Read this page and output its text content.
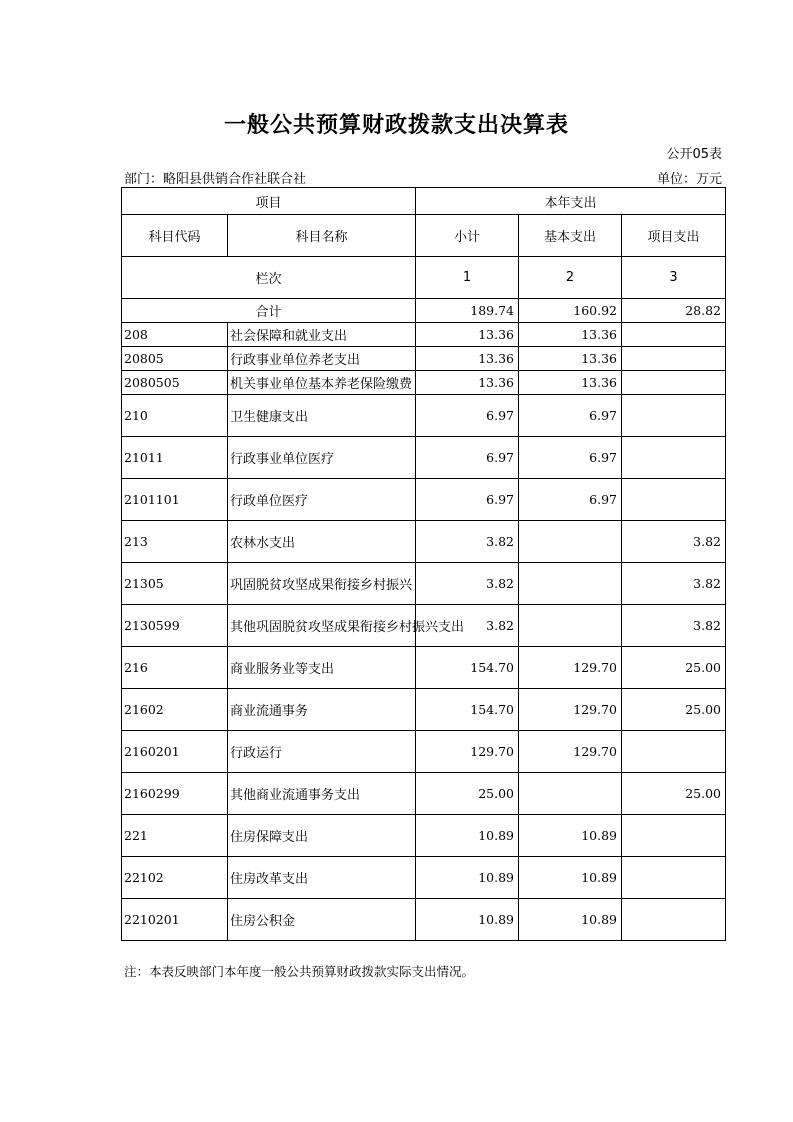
一般公共预算财政拨款支出决算表
公开05表
部门：略阳县供销合作社联合社	单位：万元
项目		本年支出		
科目代码	科目名称	小计	基本支出	项目支出
栏次		1	2	3
合计		189.74	160.92	28.82
208	社会保障和就业支出	13.36	13.36	
20805	行政事业单位养老支出	13.36	13.36	
2080505	机关事业单位基本养老保险缴费	13.36	13.36	
210	卫生健康支出	6.97	6.97	
21011	行政事业单位医疗	6.97	6.97	
2101101	行政单位医疗	6.97	6.97	
213	农林水支出	3.82		3.82
21305	巩固脱贫攻坚成果衔接乡村振兴	3.82		3.82
2130599	其他巩固脱贫攻坚成果衔接乡村振兴支出	3.82		3.82
216	商业服务业等支出	154.70	129.70	25.00
21602	商业流通事务	154.70	129.70	25.00
2160201	行政运行	129.70	129.70	
2160299	其他商业流通事务支出	25.00		25.00
221	住房保障支出	10.89	10.89	
22102	住房改革支出	10.89	10.89	
2210201	住房公积金	10.89	10.89	
注：本表反映部门本年度一般公共预算财政拨款实际支出情况。
